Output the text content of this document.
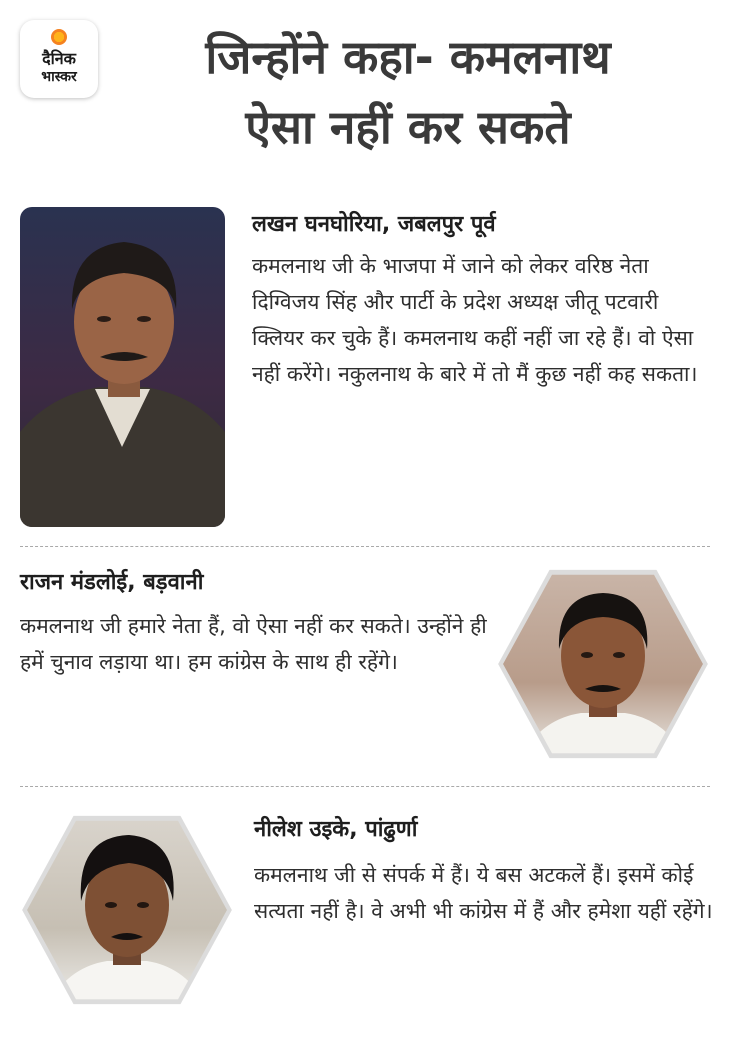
दैनिक
भास्कर	जिन्होंने कहा- कमलनाथ
ऐसा नहीं कर सकते
लखन घनघोरिया, जबलपुर पूर्व
कमलनाथ जी के भाजपा में जाने को लेकर वरिष्ठ नेता दिग्विजय सिंह और पार्टी के प्रदेश अध्यक्ष जीतू पटवारी क्लियर कर चुके हैं। कमलनाथ कहीं नहीं जा रहे हैं। वो ऐसा नहीं करेंगे। नकुलनाथ के बारे में तो मैं कुछ नहीं कह सकता।
राजन मंडलोई, बड़वानी
कमलनाथ जी हमारे नेता हैं, वो ऐसा नहीं कर सकते। उन्होंने ही हमें चुनाव लड़ाया था। हम कांग्रेस के साथ ही रहेंगे।
नीलेश उइके, पांढुर्णा
कमलनाथ जी से संपर्क में हैं। ये बस अटकलें हैं। इसमें कोई सत्यता नहीं है। वे अभी भी कांग्रेस में हैं और हमेशा यहीं रहेंगे।
